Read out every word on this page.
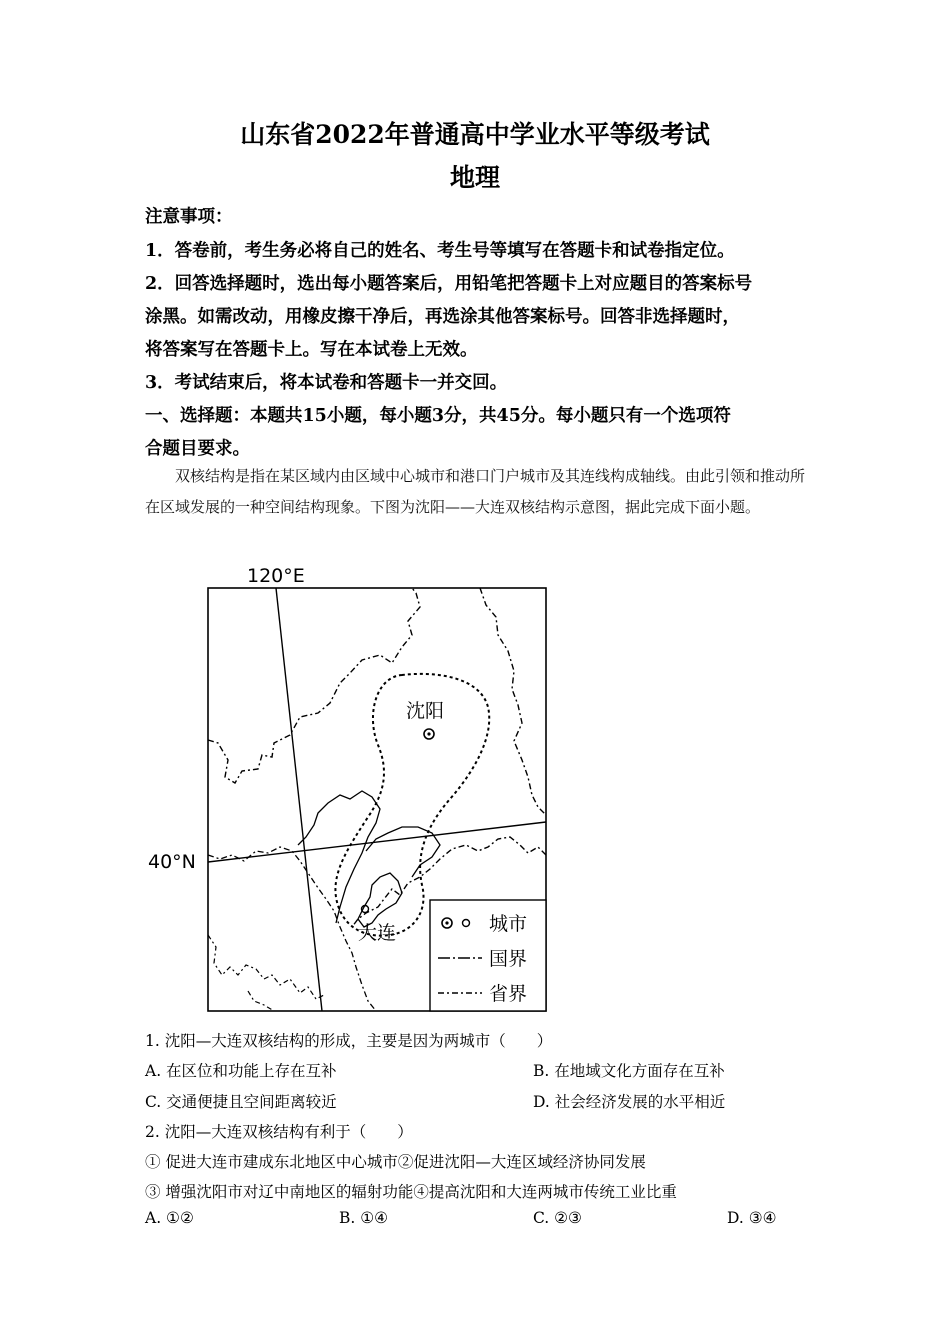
山东省2022年普通高中学业水平等级考试
地理
注意事项：
1．答卷前，考生务必将自己的姓名、考生号等填写在答题卡和试卷指定位。
2．回答选择题时，选出每小题答案后，用铅笔把答题卡上对应题目的答案标号
涂黑。如需改动，用橡皮擦干净后，再选涂其他答案标号。回答非选择题时，
将答案写在答题卡上。写在本试卷上无效。
3．考试结束后，将本试卷和答题卡一并交回。
一、选择题：本题共15小题，每小题3分，共45分。每小题只有一个选项符
合题目要求。
双核结构是指在某区域内由区域中心城市和港口门户城市及其连线构成轴线。由此引领和推动所在区域发展的一种空间结构现象。下图为沈阳——大连双核结构示意图，据此完成下面小题。
120°E
40°N
沈阳
大连	城市
国界
省界
1. 沈阳—大连双核结构的形成，主要是因为两城市（　　）
A. 在区位和功能上存在互补	B. 在地域文化方面存在互补
C. 交通便捷且空间距离较近	D. 社会经济发展的水平相近
2. 沈阳—大连双核结构有利于（　　）
① 促进大连市建成东北地区中心城市②促进沈阳—大连区域经济协同发展
③ 增强沈阳市对辽中南地区的辐射功能④提高沈阳和大连两城市传统工业比重
A. ①②	B. ①④	C. ②③	D. ③④
